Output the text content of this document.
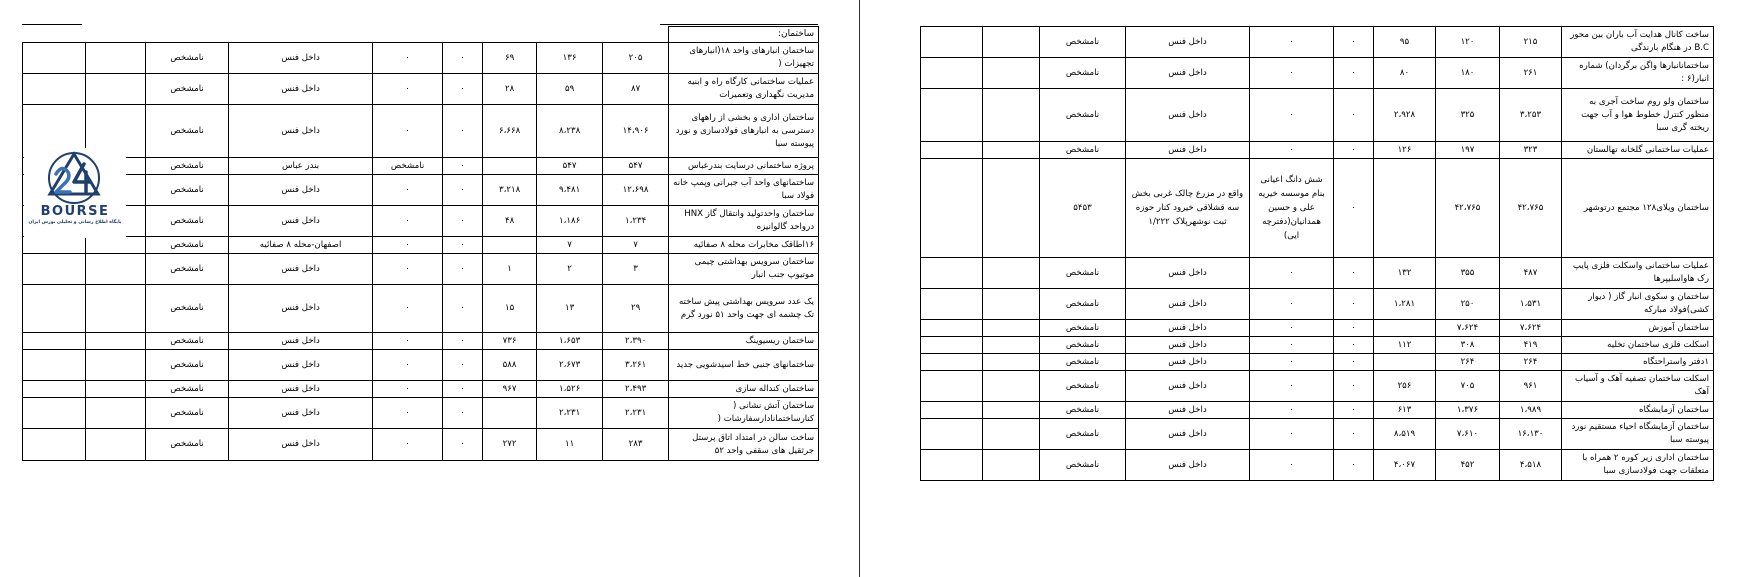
ساختمان:									
ساختمان انبارهای واحد ۱۸(انبارهای تجهیزات (	۲۰۵	۱۳۶	۶۹	۰	۰	داخل فنس	نامشخص		
عملیات ساختمانی کارگاه راه و ابنیه مدیریت نگهداری وتعمیرات	۸۷	۵۹	۲۸	۰	۰	داخل فنس	نامشخص		
ساختمان اداری و بخشی از راههای دسترسی به انبارهای فولادسازی و نورد پیوسته سبا	۱۴،۹۰۶	۸،۲۳۸	۶،۶۶۸	۰	۰	داخل فنس	نامشخص		
پروژه ساختمانی درسایت بندرعباس	۵۴۷	۵۴۷		۰	نامشخص	بندر عباس	نامشخص		
ساختمانهای واحد آب جبرانی وپمپ خانه فولاد سبا	۱۲،۶۹۸	۹،۴۸۱	۳،۲۱۸	۰	۰	داخل فنس	نامشخص		
ساختمان واحدتولید وانتقال گاز HNX درواحد گالوانیزه	۱،۲۳۴	۱،۱۸۶	۴۸	۰	۰	داخل فنس	نامشخص		
۱۶اطاقک مخابرات محله ۸ صفائیه	۷	۷		۰	۰	اصفهان-محله ۸ صفائیه	نامشخص		
ساختمان سرویس بهداشتی چیمی موتیوپ جنب انبار	۳	۲	۱	۰	۰	داخل فنس	نامشخص		
یک عدد سرویس بهداشتی پیش ساخته تک چشمه ای جهت واحد ۵۱ نورد گرم	۲۹	۱۳	۱۵	۰	۰	داخل فنس	نامشخص		
ساختمان ریسیوینگ	۲،۳۹۰	۱،۶۵۳	۷۳۶	۰	۰	داخل فنس	نامشخص		
ساختمانهای جنبی خط اسیدشویی جدید	۳،۲۶۱	۲،۶۷۳	۵۸۸	۰	۰	داخل فنس	نامشخص		
ساختمان کنداله سازی	۲،۴۹۳	۱،۵۲۶	۹۶۷	۰	۰	داخل فنس	نامشخص		
ساختمان آتش نشانی ( کنارساختمانادارسفارشات (	۲،۲۳۱	۲،۲۳۱		۰	۰	داخل فنس	نامشخص		
ساخت سالن در امتداد اتاق پرستل جرثقیل های سقفی واحد ۵۲	۲۸۳	۱۱	۲۷۲	۰	۰	داخل فنس	نامشخص		
ساخت کانال هدایت آب باران بین محور B.C در هنگام بارندگی	۲۱۵	۱۲۰	۹۵	۰	۰	داخل فنس	نامشخص		
ساختمانانبارها واگن برگردان) شماره انبار(۶ :	۲۶۱	۱۸۰	۸۰	۰	۰	داخل فنس	نامشخص		
ساختمان ولو روم ساخت آجری به منظور کنترل خطوط هوا و آب جهت ریخته گری سبا	۳،۲۵۳	۳۲۵	۲،۹۲۸	۰	۰	داخل فنس	نامشخص		
عملیات ساختمانی گلخانه تهالستان	۳۲۳	۱۹۷	۱۲۶	۰	۰	داخل فنس	نامشخص		
ساختمان ویلای۱۲۸ مجتمع درتوشهر	۴۲،۷۶۵	۴۲،۷۶۵		۰	شش دانگ اعیانی بنام موسسه خیریه علی و حسین همدانیان(دفترچه ایی)	واقع در مزرع چالک غربی بخش سه قشلاقی خیرود کنار حوزه ثبت نوشهرپلاک ۱/۲۲۲	۵۴۵۳		
عملیات ساختمانی واسکلت فلزی پایپ رک هاواسلیپرها	۴۸۷	۳۵۵	۱۳۲	۰	۰	داخل فنس	نامشخص		
ساختمان و سکوی انبار گاز ( دیوار کشی)فولاد مبارکه	۱،۵۳۱	۲۵۰	۱،۲۸۱	۰	۰	داخل فنس	نامشخص		
ساختمان آموزش	۷،۶۲۴	۷،۶۲۴		۰	۰	داخل فنس	نامشخص		
اسکلت فلزی ساختمان تخلیه	۴۱۹	۳۰۸	۱۱۲	۰	۰	داخل فنس	نامشخص		
۱دفتر واستراحتگاه	۲۶۴	۲۶۴		۰	۰	داخل فنس	نامشخص		
اسکلت ساختمان تصفیه آهک و آسیاب آهک	۹۶۱	۷۰۵	۲۵۶	۰	۰	داخل فنس	نامشخص		
ساختمان آزمایشگاه	۱،۹۸۹	۱،۳۷۶	۶۱۳	۰	۰	داخل فنس	نامشخص		
ساختمان آزمایشگاه احیاء مستقیم نورد پیوسته سبا	۱۶،۱۳۰	۷،۶۱۰	۸،۵۱۹	۰	۰	داخل فنس	نامشخص		
ساختمان اداری زیر کوره ۲ همراه با متعلقات جهت فولادسازی سبا	۴،۵۱۸	۴۵۲	۴،۰۶۷	۰	۰	داخل فنس	نامشخص		
BOURSE
پایگاه اطلاع رسانی و تحلیلی بورس ایران
